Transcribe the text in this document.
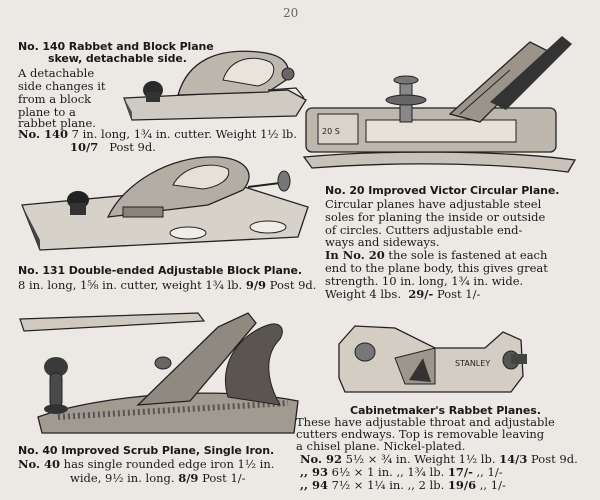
20
No. 140 Rabbet and Block Plane
skew, detachable side.
A detachable
side changes it
from a block
plane to a
rabbet plane.
No. 140 7 in. long, 1¾ in. cutter. Weight 1½ lb.
10/7 Post 9d.
No. 131 Double-ended Adjustable Block Plane.
8 in. long, 1⅝ in. cutter, weight 1¾ lb. 9/9 Post 9d.
20 S
No. 20 Improved Victor Circular Plane.
Circular planes have adjustable steel
soles for planing the inside or outside
of circles. Cutters adjustable end-
ways and sideways.
In No. 20 the sole is fastened at each
end to the plane body, this gives great
strength. 10 in. long, 1¾ in. wide.
Weight 4 lbs. 29/- Post 1/-
No. 40 Improved Scrub Plane, Single Iron.
No. 40 has single rounded edge iron 1½ in.
wide, 9½ in. long. 8/9 Post 1/-
STANLEY
Cabinetmaker's Rabbet Planes.
These have adjustable throat and adjustable
cutters endways. Top is removable leaving
a chisel plane. Nickel-plated.
No. 92 5½ × ¾ in. Weight 1½ lb. 14/3 Post 9d.
,, 93 6½ × 1 in. ,, 1¾ lb. 17/- ,, 1/-
,, 94 7½ × 1¼ in. ,, 2 lb. 19/6 ,, 1/-
